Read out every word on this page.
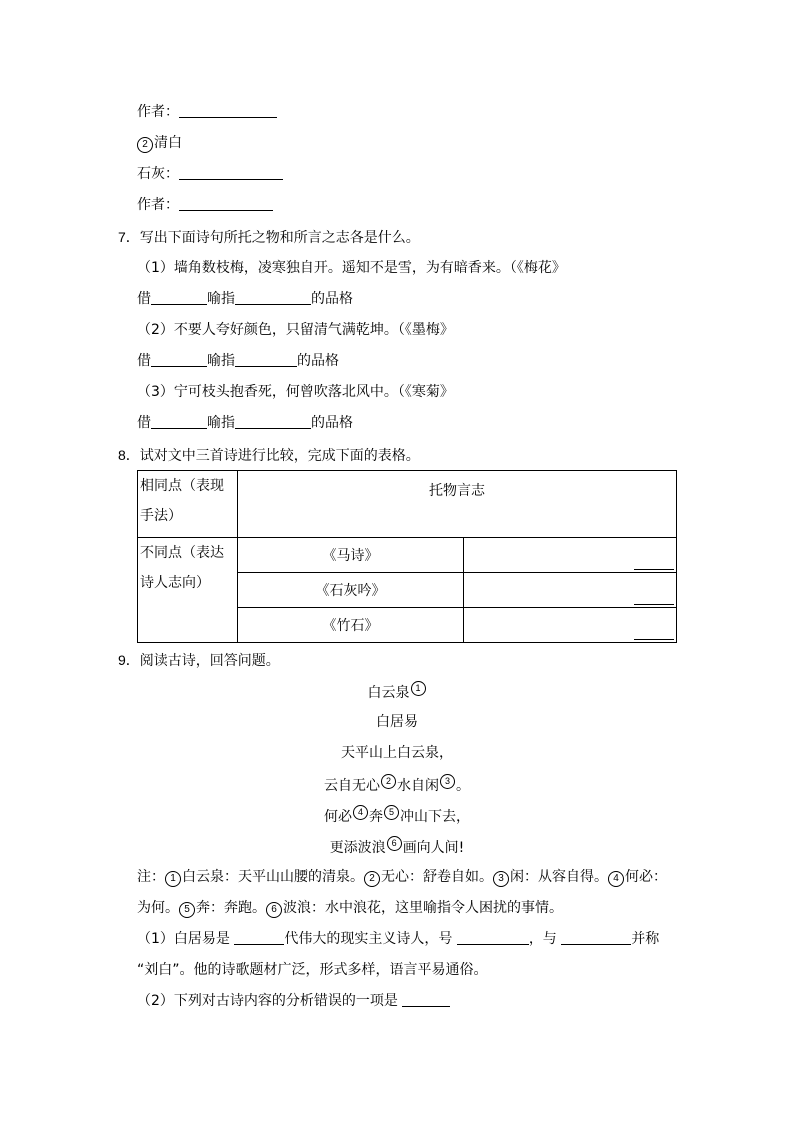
作者：
2 清白
石灰：
作者：
7．写出下面诗句所托之物和所言之志各是什么。
（1）墙角数枝梅，凌寒独自开。遥知不是雪，为有暗香来。（《梅花》
借	喻指	的品格
（2）不要人夸好颜色，只留清气满乾坤。（《墨梅》
借	喻指	的品格
（3）宁可枝头抱香死，何曾吹落北风中。（《寒菊》
借	喻指	的品格
8．试对文中三首诗进行比较，完成下面的表格。
相同点（表现手法）	托物言志	
不同点（表达诗人志向）	《马诗》	
	《石灰吟》	
	《竹石》	
9．阅读古诗，回答问题。
白云泉 1
白居易
天平山上白云泉，
云自无心 2 水自闲 3 。
何必 4 奔 5 冲山下去，
更添波浪 6 画向人间!
注： 1 白云泉：天平山山腰的清泉。 2 无心：舒卷自如。 3 闲：从容自得。 4 何必：
为何。 5 奔：奔跑。 6 波浪：水中浪花，这里喻指令人困扰的事情。
（1）白居易是	代伟大的现实主义诗人，号	，与	并称
“刘白”。他的诗歌题材广泛，形式多样，语言平易通俗。
（2）下列对古诗内容的分析错误的一项是
